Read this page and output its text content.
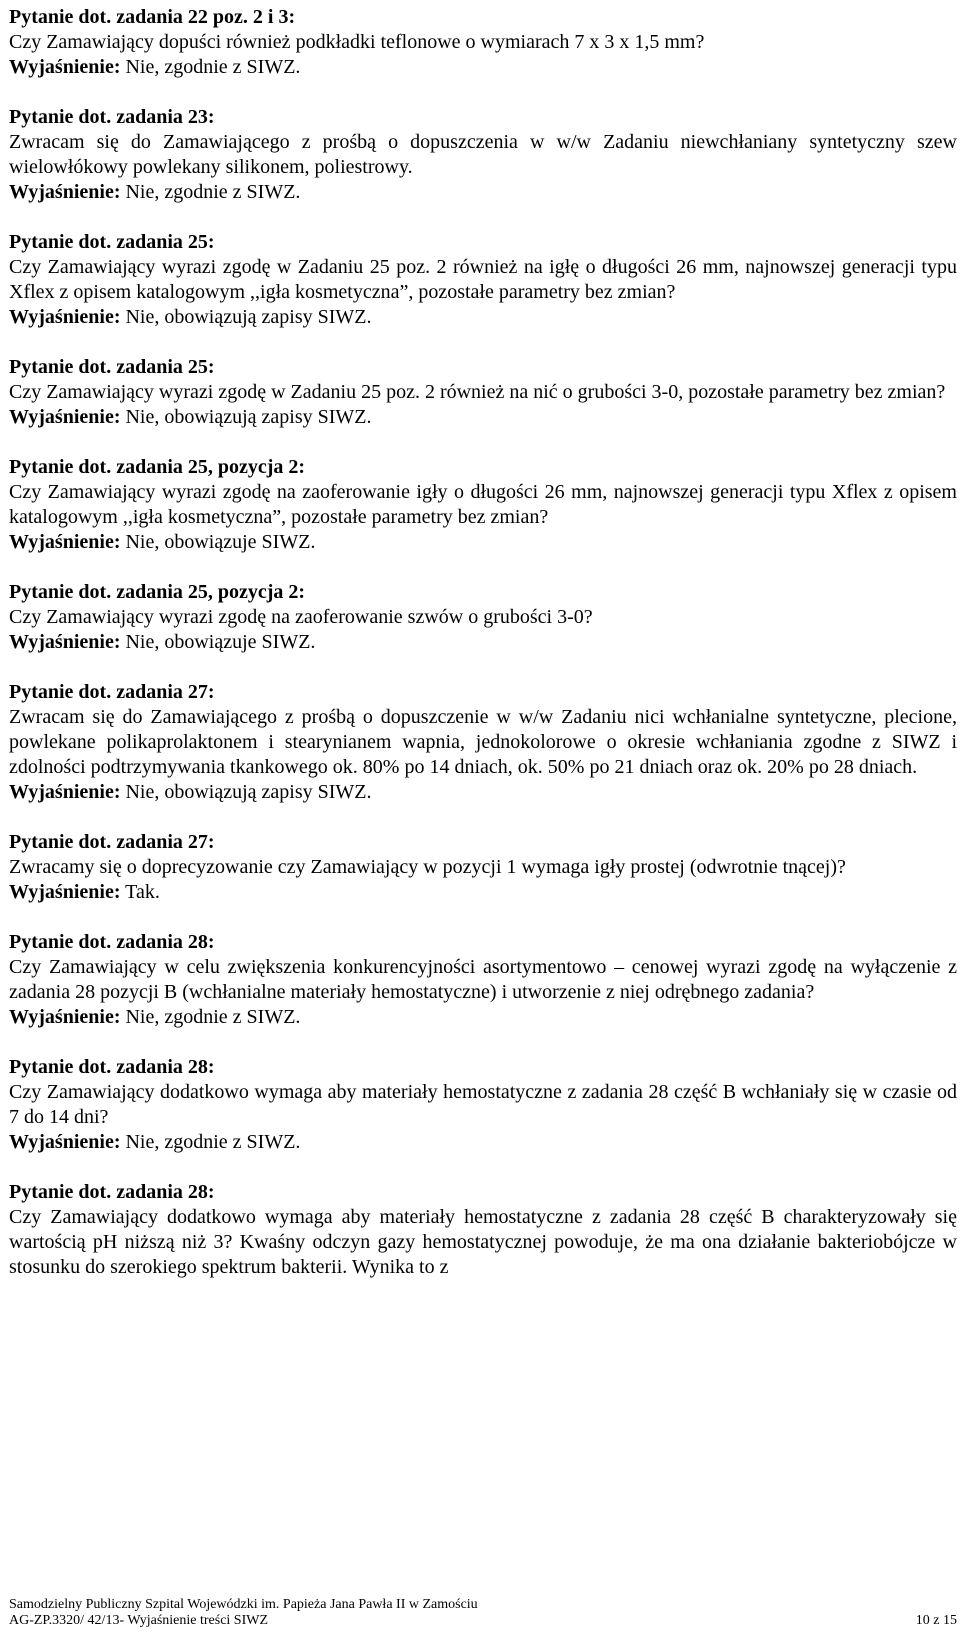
Pytanie dot. zadania 22 poz. 2 i 3:
Czy Zamawiający dopuści również podkładki teflonowe o wymiarach 7 x 3 x 1,5 mm?
Wyjaśnienie: Nie, zgodnie z SIWZ.
Pytanie dot. zadania 23:
Zwracam się do Zamawiającego z prośbą o dopuszczenia w w/w Zadaniu niewchłaniany syntetyczny szew wielowłókowy powlekany silikonem, poliestrowy.
Wyjaśnienie: Nie, zgodnie z SIWZ.
Pytanie dot. zadania 25:
Czy Zamawiający wyrazi zgodę w Zadaniu 25 poz. 2 również na igłę o długości 26 mm, najnowszej generacji typu Xflex z opisem katalogowym ,,igła kosmetyczna”, pozostałe parametry bez zmian?
Wyjaśnienie: Nie, obowiązują zapisy SIWZ.
Pytanie dot. zadania 25:
Czy Zamawiający wyrazi zgodę w Zadaniu 25 poz. 2 również na nić o grubości 3-0, pozostałe parametry bez zmian?
Wyjaśnienie: Nie, obowiązują zapisy SIWZ.
Pytanie dot. zadania 25, pozycja 2:
Czy Zamawiający wyrazi zgodę na zaoferowanie igły o długości 26 mm, najnowszej generacji typu Xflex z opisem katalogowym ,,igła kosmetyczna”, pozostałe parametry bez zmian?
Wyjaśnienie: Nie, obowiązuje SIWZ.
Pytanie dot. zadania 25, pozycja 2:
Czy Zamawiający wyrazi zgodę na zaoferowanie szwów o grubości 3-0?
Wyjaśnienie: Nie, obowiązuje SIWZ.
Pytanie dot. zadania 27:
Zwracam się do Zamawiającego z prośbą o dopuszczenie w w/w Zadaniu nici wchłanialne syntetyczne, plecione, powlekane polikaprolaktonem i stearynianem wapnia, jednokolorowe o okresie wchłaniania zgodne z SIWZ i zdolności podtrzymywania tkankowego ok. 80% po 14 dniach, ok. 50% po 21 dniach oraz ok. 20% po 28 dniach.
Wyjaśnienie: Nie, obowiązują zapisy SIWZ.
Pytanie dot. zadania 27:
Zwracamy się o doprecyzowanie czy Zamawiający w pozycji 1 wymaga igły prostej (odwrotnie tnącej)?
Wyjaśnienie: Tak.
Pytanie dot. zadania 28:
Czy Zamawiający w celu zwiększenia konkurencyjności asortymentowo – cenowej wyrazi zgodę na wyłączenie z zadania 28 pozycji B (wchłanialne materiały hemostatyczne) i utworzenie z niej odrębnego zadania?
Wyjaśnienie: Nie, zgodnie z SIWZ.
Pytanie dot. zadania 28:
Czy Zamawiający dodatkowo wymaga aby materiały hemostatyczne z zadania 28 część B wchłaniały się w czasie od 7 do 14 dni?
Wyjaśnienie: Nie, zgodnie z SIWZ.
Pytanie dot. zadania 28:
Czy Zamawiający dodatkowo wymaga aby materiały hemostatyczne z zadania 28 część B charakteryzowały się wartością pH niższą niż 3? Kwaśny odczyn gazy hemostatycznej powoduje, że ma ona działanie bakteriobójcze w stosunku do szerokiego spektrum bakterii. Wynika to z
Samodzielny Publiczny Szpital Wojewódzki im. Papieża Jana Pawła II w Zamościu
AG-ZP.3320/ 42/13- Wyjaśnienie treści SIWZ	10 z 15
